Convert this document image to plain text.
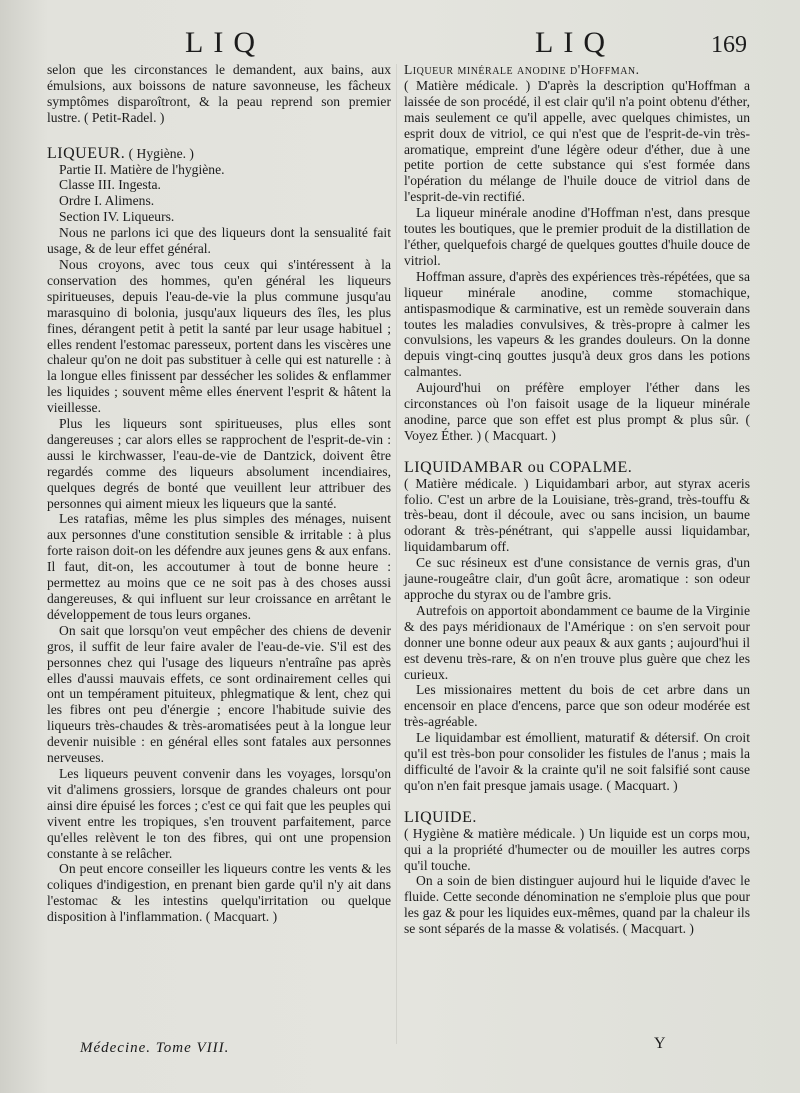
LIQ	LIQ	169

selon que les circonstances le demandent, aux bains, aux émulsions, aux boissons de nature savonneuse, les fâcheux symptômes disparoîtront, & la peau reprend son premier lustre. ( Petit-Radel. )

LIQUEUR. ( Hygiène. )

Partie II. Matière de l'hygiène.

Classe III. Ingesta.

Ordre I. Alimens.

Section IV. Liqueurs.

Nous ne parlons ici que des liqueurs dont la sensualité fait usage, & de leur effet général.

Nous croyons, avec tous ceux qui s'intéressent à la conservation des hommes, qu'en général les liqueurs spiritueuses, depuis l'eau-de-vie la plus commune jusqu'au marasquino di bolonia, jusqu'aux liqueurs des îles, les plus fines, dérangent petit à petit la santé par leur usage habituel ; elles rendent l'estomac paresseux, portent dans les viscères une chaleur qu'on ne doit pas substituer à celle qui est naturelle : à la longue elles finissent par dessécher les solides & enflammer les liquides ; souvent même elles énervent l'esprit & hâtent la vieillesse.

Plus les liqueurs sont spiritueuses, plus elles sont dangereuses ; car alors elles se rapprochent de l'esprit-de-vin : aussi le kirchwasser, l'eau-de-vie de Dantzick, doivent être regardés comme des liqueurs absolument incendiaires, quelques degrés de bonté que veuillent leur attribuer des personnes qui aiment mieux les liqueurs que la santé.

Les ratafias, même les plus simples des ménages, nuisent aux personnes d'une constitution sensible & irritable : à plus forte raison doit-on les défendre aux jeunes gens & aux enfans. Il faut, dit-on, les accoutumer à tout de bonne heure : permettez au moins que ce ne soit pas à des choses aussi dangereuses, & qui influent sur leur croissance en arrêtant le développement de tous leurs organes.

On sait que lorsqu'on veut empêcher des chiens de devenir gros, il suffit de leur faire avaler de l'eau-de-vie. S'il est des personnes chez qui l'usage des liqueurs n'entraîne pas après elles d'aussi mauvais effets, ce sont ordinairement celles qui ont un tempérament pituiteux, phlegmatique & lent, chez qui les fibres ont peu d'énergie ; encore l'habitude suivie des liqueurs très-chaudes & très-aromatisées peut à la longue leur devenir nuisible : en général elles sont fatales aux personnes nerveuses.

Les liqueurs peuvent convenir dans les voyages, lorsqu'on vit d'alimens grossiers, lorsque de grandes chaleurs ont pour ainsi dire épuisé les forces ; c'est ce qui fait que les peuples qui vivent entre les tropiques, s'en trouvent parfaitement, parce qu'elles relèvent le ton des fibres, qui ont une propension constante à se relâcher.

On peut encore conseiller les liqueurs contre les vents & les coliques d'indigestion, en prenant bien garde qu'il n'y ait dans l'estomac & les intestins quelqu'irritation ou quelque disposition à l'inflammation. ( Macquart. )

Liqueur minérale anodine d'Hoffman.

( Matière médicale. ) D'après la description qu'Hoffman a laissée de son procédé, il est clair qu'il n'a point obtenu d'éther, mais seulement ce qu'il appelle, avec quelques chimistes, un esprit doux de vitriol, ce qui n'est que de l'esprit-de-vin très-aromatique, empreint d'une légère odeur d'éther, due à une petite portion de cette substance qui s'est formée dans l'opération du mélange de l'huile douce de vitriol dans de l'esprit-de-vin rectifié.

La liqueur minérale anodine d'Hoffman n'est, dans presque toutes les boutiques, que le premier produit de la distillation de l'éther, quelquefois chargé de quelques gouttes d'huile douce de vitriol.

Hoffman assure, d'après des expériences très-répétées, que sa liqueur minérale anodine, comme stomachique, antispasmodique & carminative, est un remède souverain dans toutes les maladies convulsives, & très-propre à calmer les convulsions, les vapeurs & les grandes douleurs. On la donne depuis vingt-cinq gouttes jusqu'à deux gros dans les potions calmantes.

Aujourd'hui on préfère employer l'éther dans les circonstances où l'on faisoit usage de la liqueur minérale anodine, parce que son effet est plus prompt & plus sûr. ( Voyez Éther. ) ( Macquart. )

LIQUIDAMBAR ou COPALME.

( Matière médicale. ) Liquidambari arbor, aut styrax aceris folio. C'est un arbre de la Louisiane, très-grand, très-touffu & très-beau, dont il découle, avec ou sans incision, un baume odorant & très-pénétrant, qui s'appelle aussi liquidambar, liquidambarum off.

Ce suc résineux est d'une consistance de vernis gras, d'un jaune-rougeâtre clair, d'un goût âcre, aromatique : son odeur approche du styrax ou de l'ambre gris.

Autrefois on apportoit abondamment ce baume de la Virginie & des pays méridionaux de l'Amérique : on s'en servoit pour donner une bonne odeur aux peaux & aux gants ; aujourd'hui il est devenu très-rare, & on n'en trouve plus guère que chez les curieux.

Les missionaires mettent du bois de cet arbre dans un encensoir en place d'encens, parce que son odeur modérée est très-agréable.

Le liquidambar est émollient, maturatif & détersif. On croit qu'il est très-bon pour consolider les fistules de l'anus ; mais la difficulté de l'avoir & la crainte qu'il ne soit falsifié sont cause qu'on n'en fait presque jamais usage. ( Macquart. )

LIQUIDE.

( Hygiène & matière médicale. ) Un liquide est un corps mou, qui a la propriété d'humecter ou de mouiller les autres corps qu'il touche.

On a soin de bien distinguer aujourd hui le liquide d'avec le fluide. Cette seconde dénomination ne s'emploie plus que pour les gaz & pour les liquides eux-mêmes, quand par la chaleur ils se sont séparés de la masse & volatisés. ( Macquart. )

Médecine. Tome VIII.	Y
